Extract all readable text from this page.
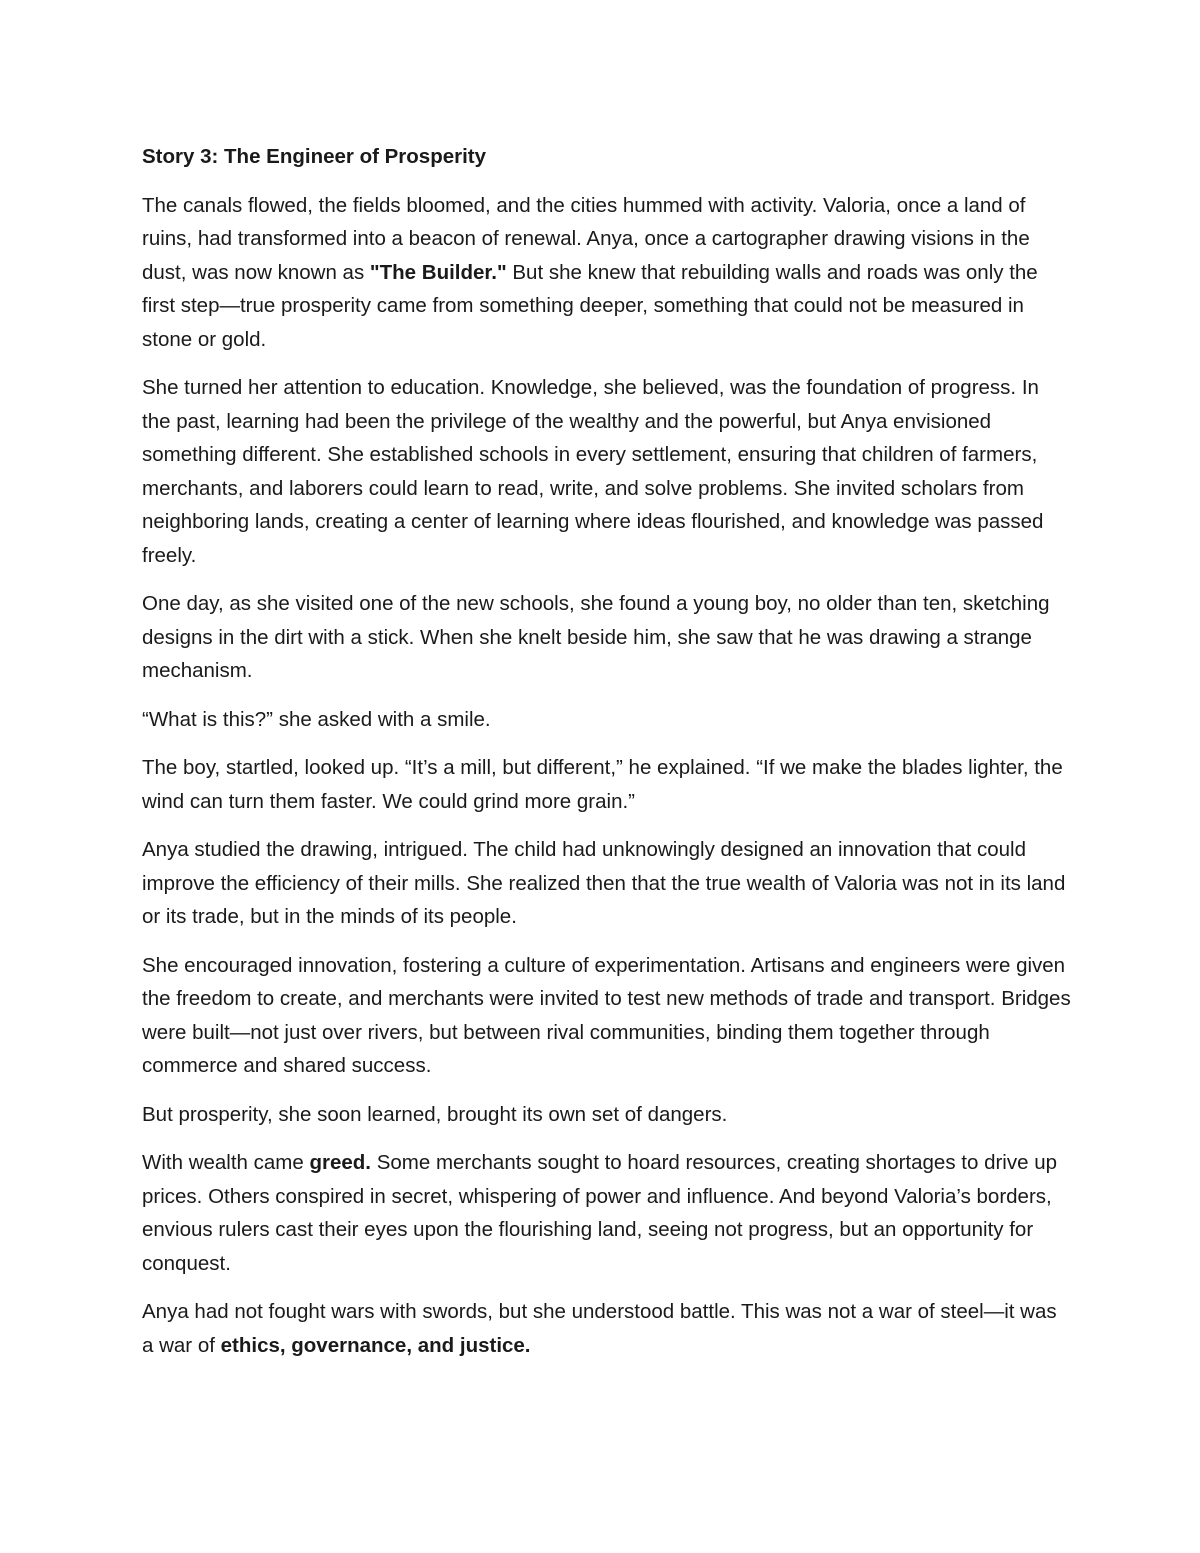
Story 3: The Engineer of Prosperity

The canals flowed, the fields bloomed, and the cities hummed with activity. Valoria, once a land of ruins, had transformed into a beacon of renewal. Anya, once a cartographer drawing visions in the dust, was now known as "The Builder." But she knew that rebuilding walls and roads was only the first step—true prosperity came from something deeper, something that could not be measured in stone or gold.

She turned her attention to education. Knowledge, she believed, was the foundation of progress. In the past, learning had been the privilege of the wealthy and the powerful, but Anya envisioned something different. She established schools in every settlement, ensuring that children of farmers, merchants, and laborers could learn to read, write, and solve problems. She invited scholars from neighboring lands, creating a center of learning where ideas flourished, and knowledge was passed freely.

One day, as she visited one of the new schools, she found a young boy, no older than ten, sketching designs in the dirt with a stick. When she knelt beside him, she saw that he was drawing a strange mechanism.

“What is this?” she asked with a smile.

The boy, startled, looked up. “It’s a mill, but different,” he explained. “If we make the blades lighter, the wind can turn them faster. We could grind more grain.”

Anya studied the drawing, intrigued. The child had unknowingly designed an innovation that could improve the efficiency of their mills. She realized then that the true wealth of Valoria was not in its land or its trade, but in the minds of its people.

She encouraged innovation, fostering a culture of experimentation. Artisans and engineers were given the freedom to create, and merchants were invited to test new methods of trade and transport. Bridges were built—not just over rivers, but between rival communities, binding them together through commerce and shared success.

But prosperity, she soon learned, brought its own set of dangers.

With wealth came greed. Some merchants sought to hoard resources, creating shortages to drive up prices. Others conspired in secret, whispering of power and influence. And beyond Valoria’s borders, envious rulers cast their eyes upon the flourishing land, seeing not progress, but an opportunity for conquest.

Anya had not fought wars with swords, but she understood battle. This was not a war of steel—it was a war of ethics, governance, and justice.
